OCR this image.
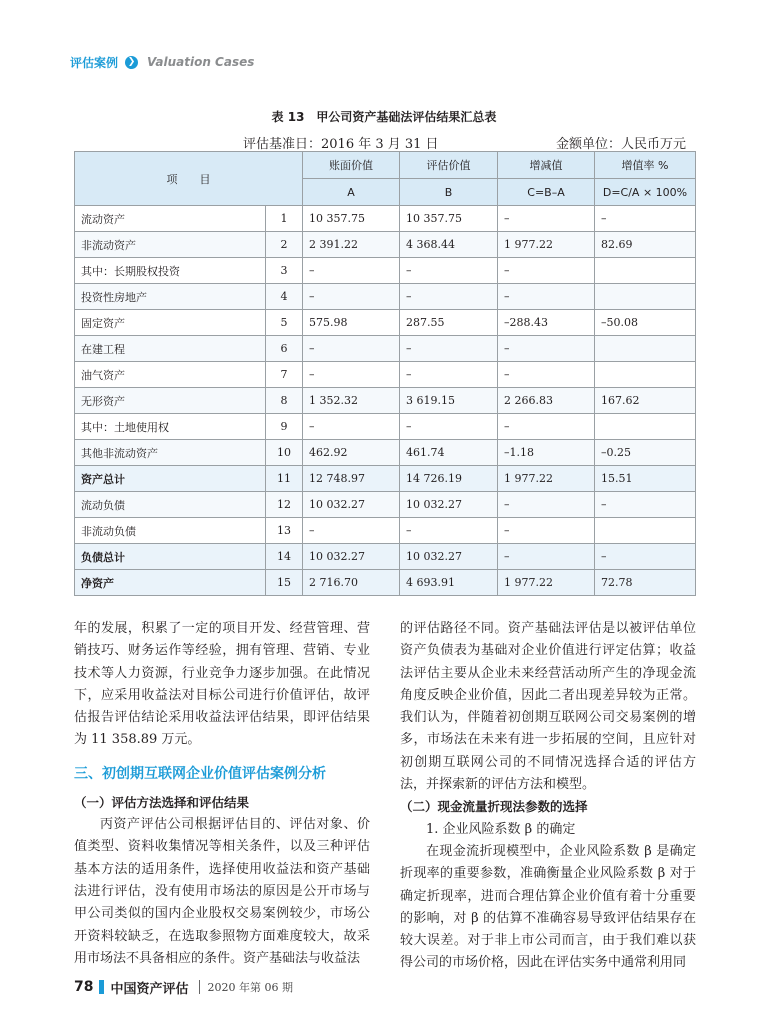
评估案例	❯ Valuation Cases
表 13　甲公司资产基础法评估结果汇总表
评估基准日：2016 年 3 月 31 日	金额单位：人民币万元
项　　目		账面价值	评估价值	增减值	增值率 %
		A	B	C=B–A	D=C/A × 100%
流动资产	1	10 357.75	10 357.75	–	–
非流动资产	2	2 391.22	4 368.44	1 977.22	82.69
其中：长期股权投资	3	–	–	–	
投资性房地产	4	–	–	–	
固定资产	5	575.98	287.55	–288.43	–50.08
在建工程	6	–	–	–	
油气资产	7	–	–	–	
无形资产	8	1 352.32	3 619.15	2 266.83	167.62
其中：土地使用权	9	–	–	–	
其他非流动资产	10	462.92	461.74	–1.18	–0.25
资产总计	11	12 748.97	14 726.19	1 977.22	15.51
流动负债	12	10 032.27	10 032.27	–	–
非流动负债	13	–	–	–	
负债总计	14	10 032.27	10 032.27	–	–
净资产	15	2 716.70	4 693.91	1 977.22	72.78

年的发展，积累了一定的项目开发、经营管理、营销技巧、财务运作等经验，拥有管理、营销、专业技术等人力资源，行业竞争力逐步加强。在此情况下，应采用收益法对目标公司进行价值评估，故评估报告评估结论采用收益法评估结果，即评估结果为 11 358.89 万元。

三、初创期互联网企业价值评估案例分析

（一）评估方法选择和评估结果

丙资产评估公司根据评估目的、评估对象、价值类型、资料收集情况等相关条件，以及三种评估基本方法的适用条件，选择使用收益法和资产基础法进行评估，没有使用市场法的原因是公开市场与甲公司类似的国内企业股权交易案例较少，市场公开资料较缺乏，在选取参照物方面难度较大，故采用市场法不具备相应的条件。资产基础法与收益法

的评估路径不同。资产基础法评估是以被评估单位资产负债表为基础对企业价值进行评定估算；收益法评估主要从企业未来经营活动所产生的净现金流角度反映企业价值，因此二者出现差异较为正常。我们认为，伴随着初创期互联网公司交易案例的增多，市场法在未来有进一步拓展的空间，且应针对初创期互联网公司的不同情况选择合适的评估方法，并探索新的评估方法和模型。

（二）现金流量折现法参数的选择

1. 企业风险系数 β 的确定

在现金流折现模型中，企业风险系数 β 是确定折现率的重要参数，准确衡量企业风险系数 β 对于确定折现率，进而合理估算企业价值有着十分重要的影响，对 β 的估算不准确容易导致评估结果存在较大误差。对于非上市公司而言，由于我们难以获得公司的市场价格，因此在评估实务中通常利用同

78 中国资产评估 2020 年第 06 期
